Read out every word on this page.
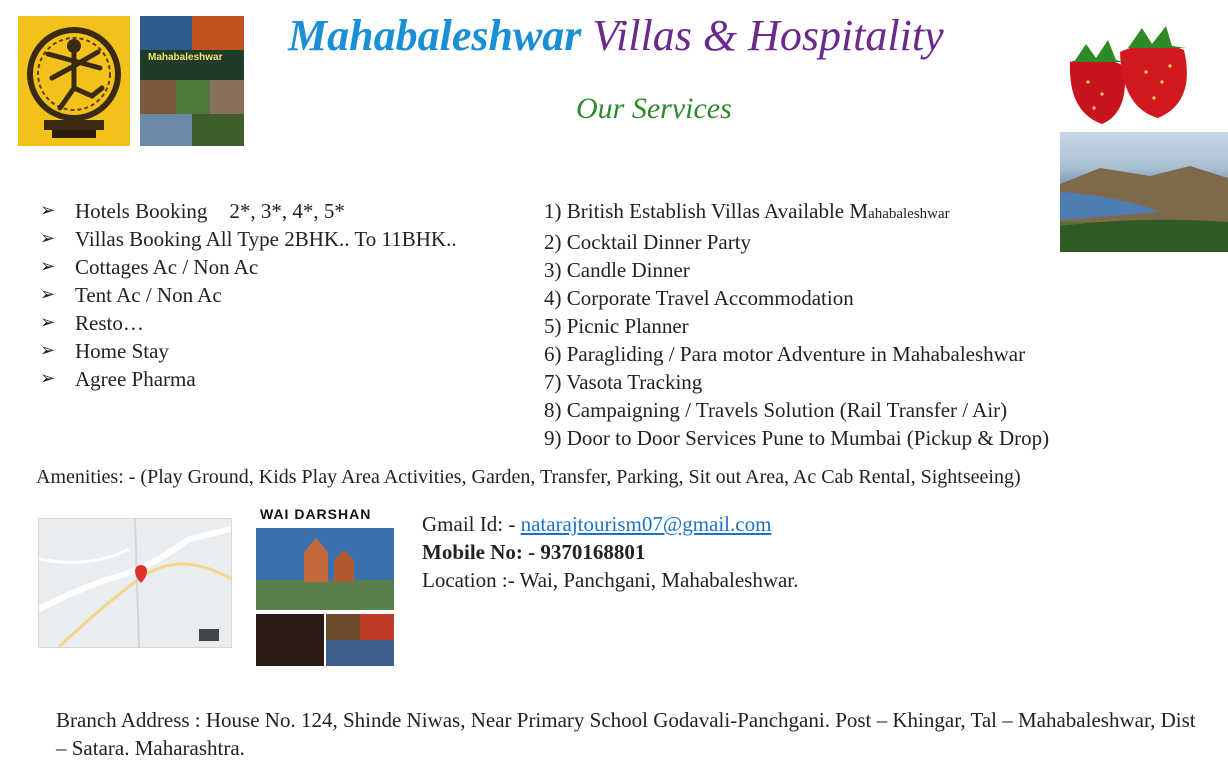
Mahabaleshwar Villas & Hospitality
Our Services
Mahabaleshwar
➢ Hotels Booking 2*, 3*, 4*, 5*
➢ Villas Booking All Type 2BHK.. To 11BHK..
➢ Cottages Ac / Non Ac
➢ Tent Ac / Non Ac
➢ Resto…
➢ Home Stay
➢ Agree Pharma
1) British Establish Villas Available Mahabaleshwar
2) Cocktail Dinner Party
3) Candle Dinner
4) Corporate Travel Accommodation
5) Picnic Planner
6) Paragliding / Para motor Adventure in Mahabaleshwar
7) Vasota Tracking
8) Campaigning / Travels Solution (Rail Transfer / Air)
9) Door to Door Services Pune to Mumbai (Pickup & Drop)
Amenities: - (Play Ground, Kids Play Area Activities, Garden, Transfer, Parking, Sit out Area, Ac Cab Rental, Sightseeing)
WAI DARSHAN Gmail Id: - natarajtourism07@gmail.com
Mobile No: - 9370168801
Location :- Wai, Panchgani, Mahabaleshwar.
Branch Address : House No. 124, Shinde Niwas, Near Primary School Godavali-Panchgani. Post – Khingar, Tal – Mahabaleshwar, Dist – Satara. Maharashtra.
